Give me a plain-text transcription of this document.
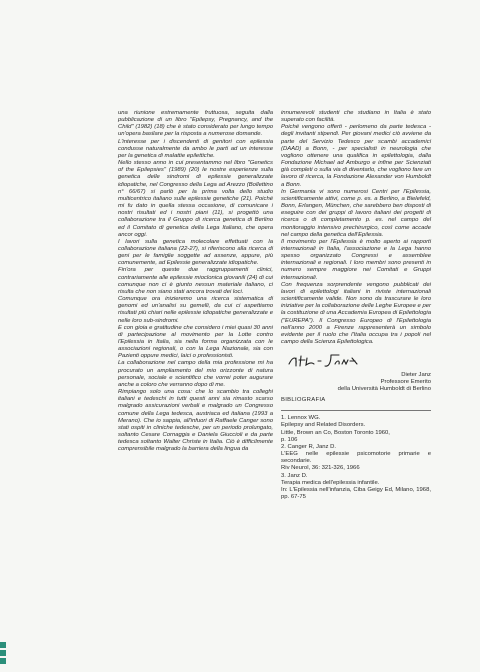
una riunione estremamente fruttuosa, seguita dalla pubblicazione di un libro "Epilepsy, Pregnancy, and the Child" (1982) (18) che è stato considerato per lungo tempo un'opera basilare per la risposta a numerose domande.

L'interesse per i discendenti di genitori con epilessia condusse naturalmente da ambo le parti ad un interesse per la genetica di malattie epilettiche.

Nello stesso anno in cui presentammo nel libro "Genetics of the Epilepsies" (1989) (20) le nostre esperienze sulla genetica delle sindromi di epilessie generalizzate idiopatiche, nel Congresso della Lega ad Arezzo (Bollettino n° 66/67) si parlò per la prima volta dello studio multicentrico italiano sulle epilessie genetiche (21). Poiché mi fu dato in quella stessa occasione, di comunicare i nostri risultati ed i nostri piani (11), si progettò una collaborazione tra il Gruppo di ricerca genetica di Berlino ed il Comitato di genetica della Lega Italiano, che opera ancor oggi.

I lavori sulla genetica molecolare effettuati con la collaborazione italiana (22-27), si riferiscono alla ricerca di geni per le famiglie soggette ad assenze, appure, più comunemente, ad Epilessie generalizzate idiopatiche.

Fin'ora per queste due raggruppamenti clinici, contrariamente alle epilessie mioclonica giovanili (24) di cui comunque non ci è giunto nessun materiale italiano, ci risulta che non siano stati ancora trovati dei loci.

Comunque ora inizieremo una ricerca sistematica di genomi ed un'analisi su gemelli, da cui ci aspettiamo risultati più chiari nelle epilessie idiopatiche generalizzate e nelle loro sub-sindromi.

E con gioia e gratitudine che considero i miei quasi 30 anni di partecipazione al movimento per la Lotte contro l'Epilessia in Italia, sia nella forma organizzata con le associazioni regionali, o con la Lega Nazionale, sia con Pazienti oppure medici, laici o professionisti.

La collaborazione nel campo della mia professione mi ha procurato un ampliamento del mio orizzonte di natura personale, sociale e scientifico che vorrei poter augurare anche a coloro che verranno dopo di me.

Rimpiango solo una cosa: che lo scambio tra colleghi italiani e tedeschi in tutti questi anni sia rimasto scarso malgrado assicurazioni verbali e malgrado un Congresso comune della Lega tedesca, austriaca ed italiana (1993 a Merano). Che io sappia, all'infuori di Raffaele Canger sono stati ospiti in cliniche tedesche, per un periodo prolungato, soltanto Cesare Cornaggia e Daniela Giuccioli e da parte tedesca soltanto Walter Christe in Italia. Ciò è difficilmente comprensibile malgrado la barriera della lingua da

innumerevoli studenti che studiano in Italia è stato superato con facilità.

Poiché vengono offerti - perlomeno da parte tedesca - degli invitanti stipendi. Per giovani medici ciò avviene da parte del Servizio Tedesco per scambi accademici (DAAD) a Bonn, - per specialisti in neurologia che vogliono ottenere una qualifica in epilettologia, dalla Fondazione Michael ad Amburgo e infine per Scienziati già completi o sulla via di diventarlo, che vogliono fare un lavoro di ricerca, la Fondazione Alexander von Humboldt a Bonn.

In Germania vi sono numerosi Centri per l'Epilessia, scientificamente attivi, come p. es. a Berlino, a Bielefeld, Bonn, Erlangen, München, che sarebbero ben disposti di eseguire con dei gruppi di lavoro italiani dei progetti di ricerca o di completamento p. es. nel campo del monitoraggio intensivo prechirurgico, così come accade nel campo della genetica dell'Epilessia.

Il movimento per l'Epilessia è molto aperto ai rapporti internazionali in Italia, l'associazione e la Lega hanno spesso organizzato Congressi e assemblee internazionali e regionali. I loro membri sono presenti in numero sempre maggiore nei Comitati e Gruppi internazionali.

Con frequenza sorprendente vengono pubblicati dei lavori di epilettologi italiani in riviste internazionali scientificamente valide. Non sono da trascurare le loro iniziative per la collaborazione delle Leghe Europee e per la costituzione di una Accademia Europea di Epilettologia ("EUREPA"). Il Congresso Europeo di l'Epilettologia nell'anno 2000 a Firenze rappresenterà un simbolo evidente per il ruolo che l'Italia occupa tra i popoli nel campo della Scienza Epilettologica.

Dieter Janz
Professore Emerito
della Università Humboldt di Berlino
BIBLIOGRAFIA
1. Lennox WG.
Epilepsy and Related Disorders.
Little, Brown an Co, Boston Toronto 1960,
p. 106
2. Canger R, Janz D.
L'EEG nelle epilessie psicomotorie primarie e secondarie.
Riv Neurol, 36: 321-326, 1966
3. Janz D.
Terapia medica dell'epilessia infantile.
In: L'Epilessia nell'infanzia, Ciba Geigy Ed, Milano, 1968, pp. 67-75
